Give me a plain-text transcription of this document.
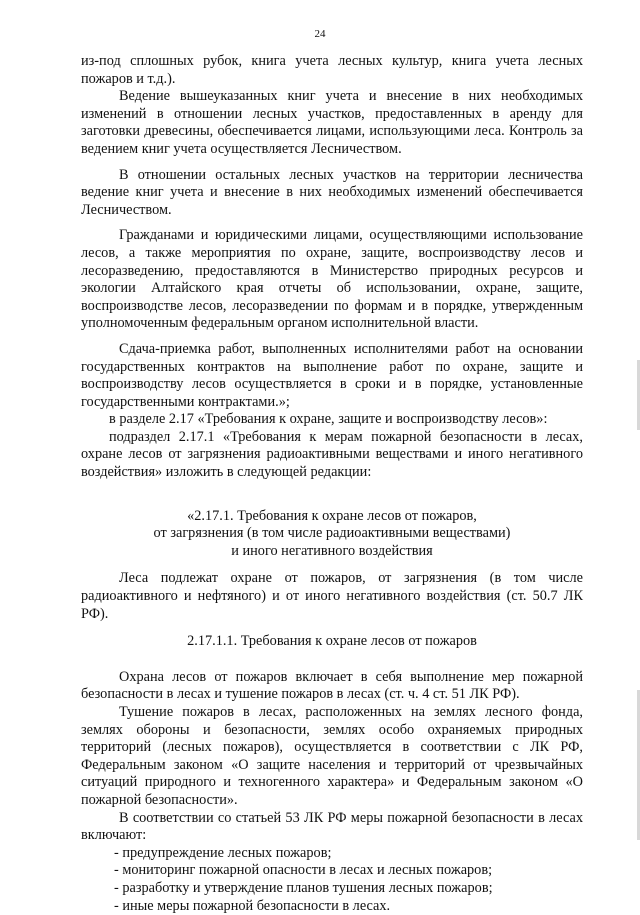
24

из-под сплошных рубок, книга учета лесных культур, книга учета лесных пожаров и т.д.).

Ведение вышеуказанных книг учета и внесение в них необходимых изменений в отношении лесных участков, предоставленных в аренду для заготовки древесины, обеспечивается лицами, использующими леса. Контроль за ведением книг учета осуществляется Лесничеством.

В отношении остальных лесных участков на территории лесничества ведение книг учета и внесение в них необходимых изменений обеспечивается Лесничеством.

Гражданами и юридическими лицами, осуществляющими использование лесов, а также мероприятия по охране, защите, воспроизводству лесов и лесоразведению, предоставляются в Министерство природных ресурсов и экологии Алтайского края отчеты об использовании, охране, защите, воспроизводстве лесов, лесоразведении по формам и в порядке, утвержденным уполномоченным федеральным органом исполнительной власти.

Сдача-приемка работ, выполненных исполнителями работ на основании государственных контрактов на выполнение работ по охране, защите и воспроизводству лесов осуществляется в сроки и в порядке, установленные государственными контрактами.»;

в разделе 2.17 «Требования к охране, защите и воспроизводству лесов»:

подраздел 2.17.1 «Требования к мерам пожарной безопасности в лесах, охране лесов от загрязнения радиоактивными веществами и иного негативного воздействия» изложить в следующей редакции:

«2.17.1. Требования к охране лесов от пожаров,

от загрязнения (в том числе радиоактивными веществами)

и иного негативного воздействия

Леса подлежат охране от пожаров, от загрязнения (в том числе радиоактивного и нефтяного) и от иного негативного воздействия (ст. 50.7 ЛК РФ).

2.17.1.1. Требования к охране лесов от пожаров

Охрана лесов от пожаров включает в себя выполнение мер пожарной безопасности в лесах и тушение пожаров в лесах (ст. ч. 4 ст. 51 ЛК РФ).

Тушение пожаров в лесах, расположенных на землях лесного фонда, землях обороны и безопасности, землях особо охраняемых природных территорий (лесных пожаров), осуществляется в соответствии с ЛК РФ, Федеральным законом «О защите населения и территорий от чрезвычайных ситуаций природного и техногенного характера» и Федеральным законом «О пожарной безопасности».

В соответствии со статьей 53 ЛК РФ меры пожарной безопасности в лесах включают:

- предупреждение лесных пожаров;

- мониторинг пожарной опасности в лесах и лесных пожаров;

- разработку и утверждение планов тушения лесных пожаров;

- иные меры пожарной безопасности в лесах.
